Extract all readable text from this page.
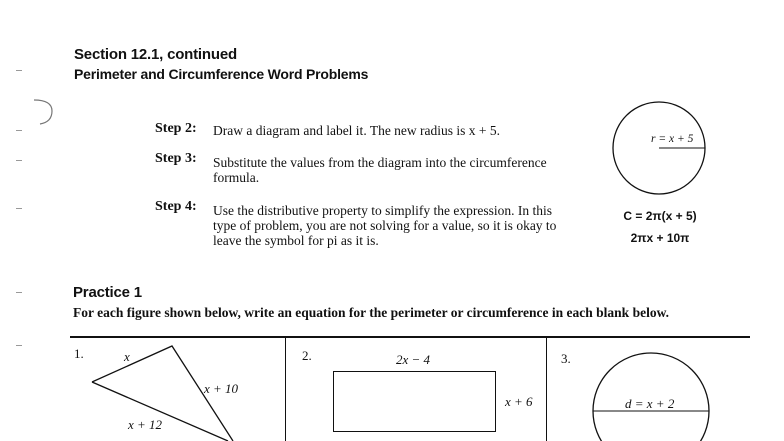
Section 12.1, continued
Perimeter and Circumference Word Problems
Step 2: Draw a diagram and label it. The new radius is x + 5.
Step 3: Substitute the values from the diagram into the circumference formula.
Step 4: Use the distributive property to simplify the expression. In this type of problem, you are not solving for a value, so it is okay to leave the symbol for pi as it is.
r = x + 5
C = 2π(x + 5)
2πx + 10π
Practice 1
For each figure shown below, write an equation for the perimeter or circumference in each blank below.
1.	x
x + 10
x + 12
2.	2x − 4
x + 6
3.
d = x + 2
